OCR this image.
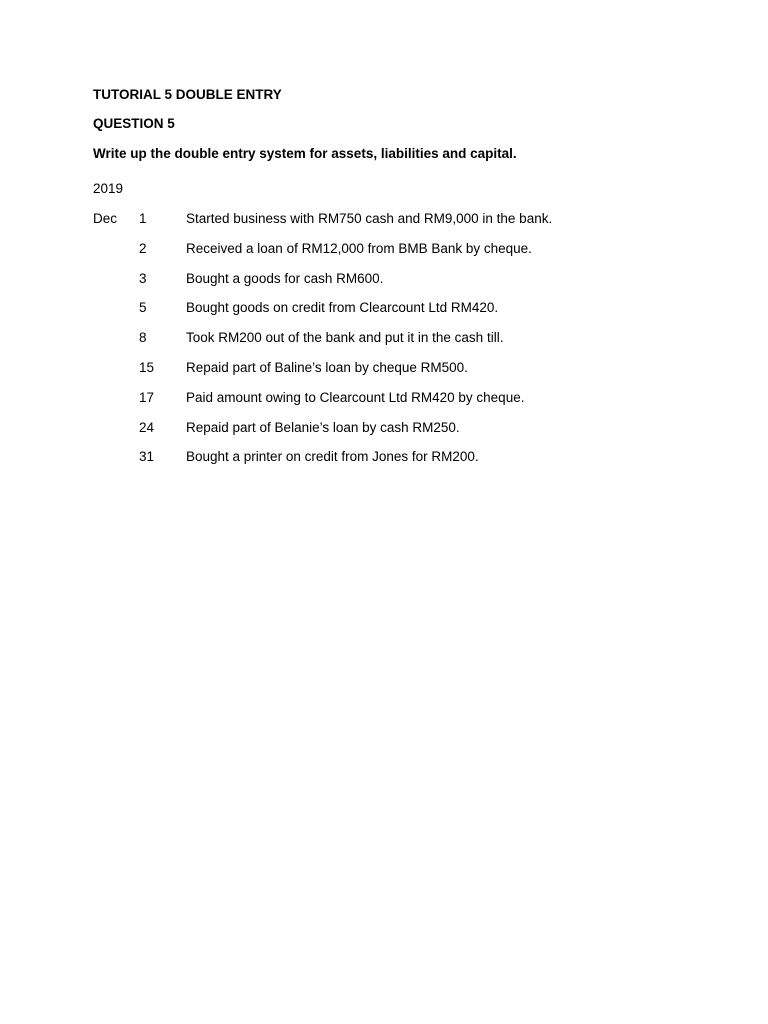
TUTORIAL 5 DOUBLE ENTRY
QUESTION 5
Write up the double entry system for assets, liabilities and capital.
2019
Dec	1	Started business with RM750 cash and RM9,000 in the bank.
2	Received a loan of RM12,000 from BMB Bank by cheque.
3	Bought a goods for cash RM600.
5	Bought goods on credit from Clearcount Ltd RM420.
8	Took RM200 out of the bank and put it in the cash till.
15	Repaid part of Baline’s loan by cheque RM500.
17	Paid amount owing to Clearcount Ltd RM420 by cheque.
24	Repaid part of Belanie’s loan by cash RM250.
31	Bought a printer on credit from Jones for RM200.
